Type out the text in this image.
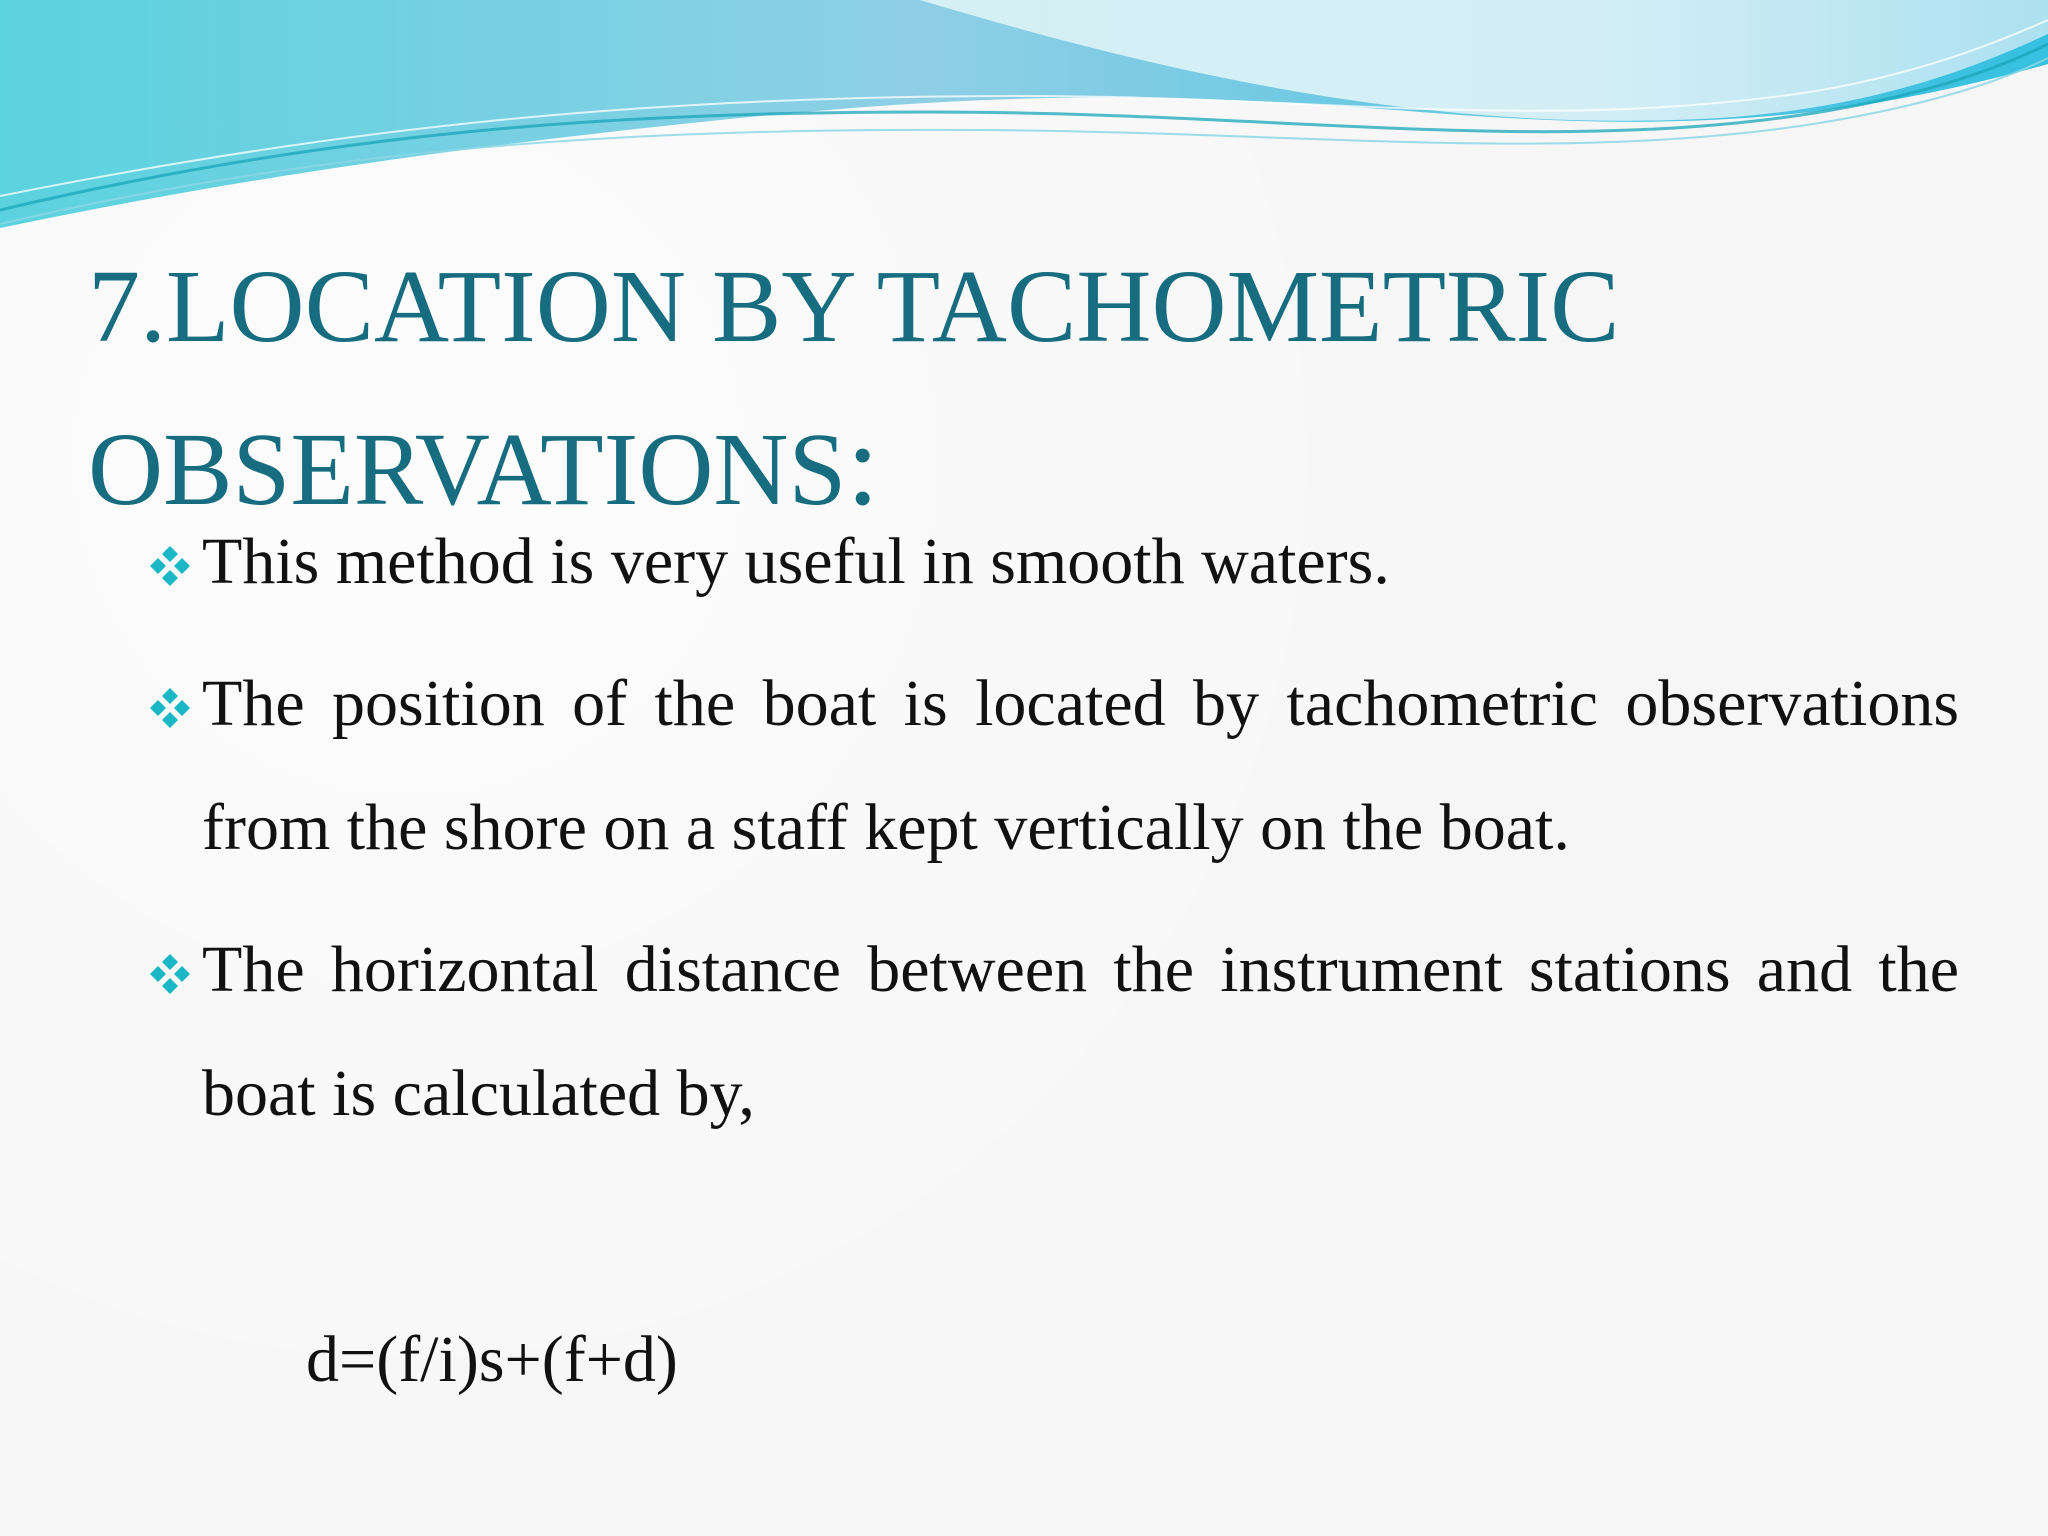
7.LOCATION BY TACHOMETRIC OBSERVATIONS:
This method is very useful in smooth waters.
The position of the boat is located by tachometric observations from the shore on a staff kept vertically on the boat.
The horizontal distance between the instrument stations and the boat is calculated by,

d=(f/i)s+(f+d)
